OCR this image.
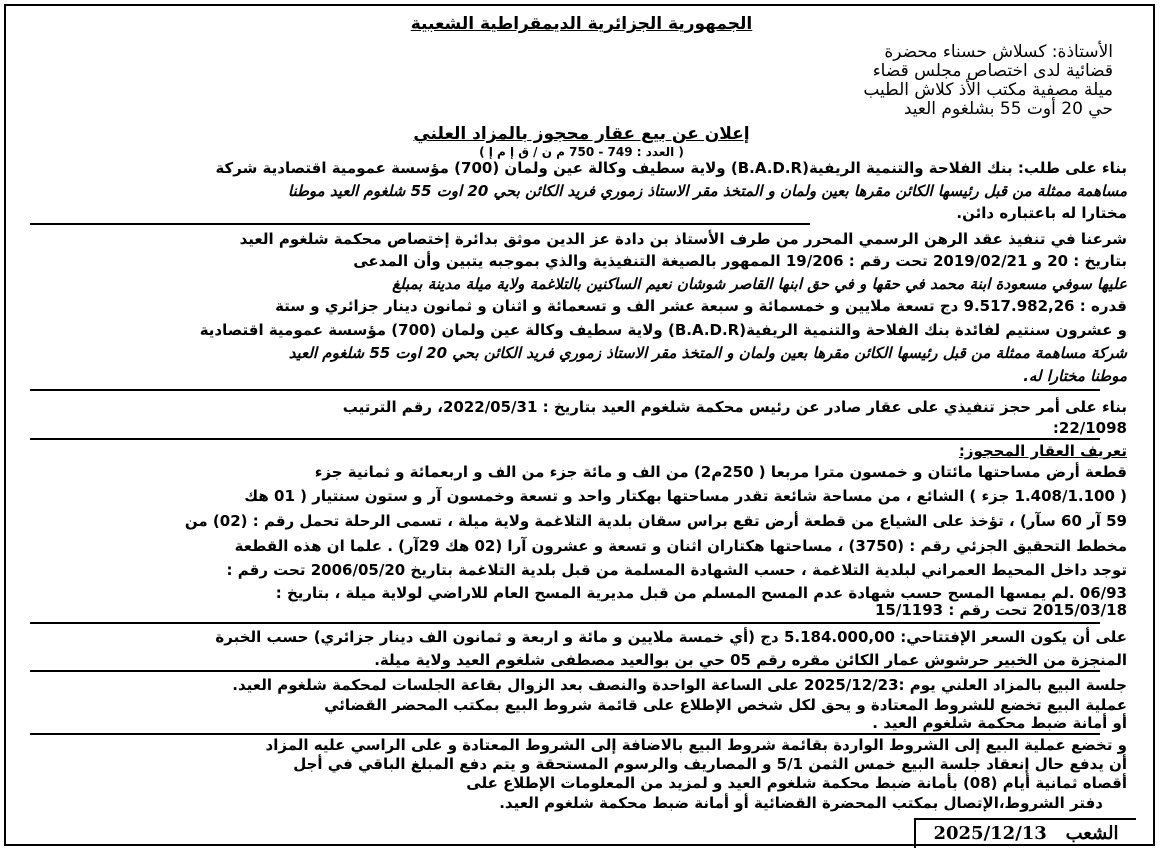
الجمهورية الجزائرية الديمقراطية الشعبية
الأستاذة: كسلاش حسناء محضرة
قضائية لدى اختصاص مجلس قضاء
ميلة مصفية مكتب الأذ كلاش الطيب
حي 20 أوت 55 بشلغوم العيد
إعلان عن بيع عقار محجوز بالمزاد العلني
( العدد : 749 - 750 م ن / ق إ م إ )
بناء على طلب: بنك الفلاحة والتنمية الريفية(B.A.D.R) ولاية سطيف وكالة عين ولمان (700) مؤسسة عمومية اقتصادية شركة
مساهمة ممثلة من قبل رئيسها الكائن مقرها بعين ولمان و المتخذ مقر الاستاذ زموري فريد الكائن بحي 20 اوت 55 شلغوم العيد موطنا
مختارا له باعتباره دائن.
شرعنا في تنفيذ عقد الرهن الرسمي المحرر من طرف الأستاذ بن دادة عز الدين موثق بدائرة إختصاص محكمة شلغوم العيد
بتاريخ : 20 و 2019/02/21 تحت رقم : 19/206 الممهور بالصيغة التنفيذية والذي بموجبه يتبين وأن المدعى
عليها سوفي مسعودة ابنة محمد في حقها و في حق ابنها القاصر شوشان نعيم الساكنين بالتلاغمة ولاية ميلة مدينة بمبلغ
قدره : 9.517.982,26 دج تسعة ملايين و خمسمائة و سبعة عشر الف و تسعمائة و اثنان و ثمانون دينار جزائري و ستة
و عشرون سنتيم لفائدة بنك الفلاحة والتنمية الريفية(B.A.D.R) ولاية سطيف وكالة عين ولمان (700) مؤسسة عمومية اقتصادية
شركة مساهمة ممثلة من قبل رئيسها الكائن مقرها بعين ولمان و المتخذ مقر الاستاذ زموري فريد الكائن بحي 20 اوت 55 شلغوم العيد
موطنا مختارا له.
بناء على أمر حجز تنفيذي على عقار صادر عن رئيس محكمة شلغوم العيد بتاريخ : 2022/05/31، رقم الترتيب
22/1098:
تعريف العقار المحجوز:
قطعة أرض مساحتها مائتان و خمسون مترا مربعا ( 250م2) من الف و مائة جزء من الف و اربعمائة و ثمانية جزء
( 1.408/1.100 جزء ) الشائع ، من مساحة شائعة تقدر مساحتها بهكتار واحد و تسعة وخمسون آر و ستون سنتيار ( 01 هك
59 آر 60 سآر) ، تؤخذ على الشياع من قطعة أرض تقع براس سقان بلدية التلاغمة ولاية ميلة ، تسمى الرحلة تحمل رقم : (02) من
مخطط التحقيق الجزئي رقم : (3750) ، مساحتها هكتاران اثنان و تسعة و عشرون آرا (02 هك 29آر) . علما ان هذه القطعة
توجد داخل المحيط العمراني لبلدية التلاغمة ، حسب الشهادة المسلمة من قبل بلدية التلاغمة بتاريخ 2006/05/20 تحت رقم :
06/93 .لم يمسها المسح حسب شهادة عدم المسح المسلم من قبل مديرية المسح العام للاراضي لولاية ميلة ، بتاريخ :
2015/03/18 تحت رقم : 15/1193
على أن يكون السعر الإفتتاحي: 5.184.000,00 دج (أي خمسة ملايين و مائة و اربعة و ثمانون الف دينار جزائري) حسب الخبرة
المنجزة من الخبير حرشوش عمار الكائن مقره رقم 05 حي بن بوالعيد مصطفى شلغوم العيد ولاية ميلة.
جلسة البيع بالمزاد العلني يوم :2025/12/23 على الساعة الواحدة والنصف بعد الزوال بقاعة الجلسات لمحكمة شلغوم العيد.
عملية البيع تخضع للشروط المعتادة و يحق لكل شخص الإطلاع على قائمة شروط البيع بمكتب المحضر القضائي
أو أمانة ضبط محكمة شلغوم العيد .
و تخضع عملية البيع إلى الشروط الواردة بقائمة شروط البيع بالاضافة إلى الشروط المعتادة و على الراسي عليه المزاد
أن يدفع حال إنعقاد جلسة البيع خمس الثمن 5/1 و المصاريف والرسوم المستحقة و يتم دفع المبلغ الباقي في أجل
أقصاه ثمانية أيام (08) بأمانة ضبط محكمة شلغوم العيد و لمزيد من المعلومات الإطلاع على
دفتر الشروط،الإتصال بمكتب المحضرة القضائية أو أمانة ضبط محكمة شلغوم العيد.
الشعب   2025/12/13
